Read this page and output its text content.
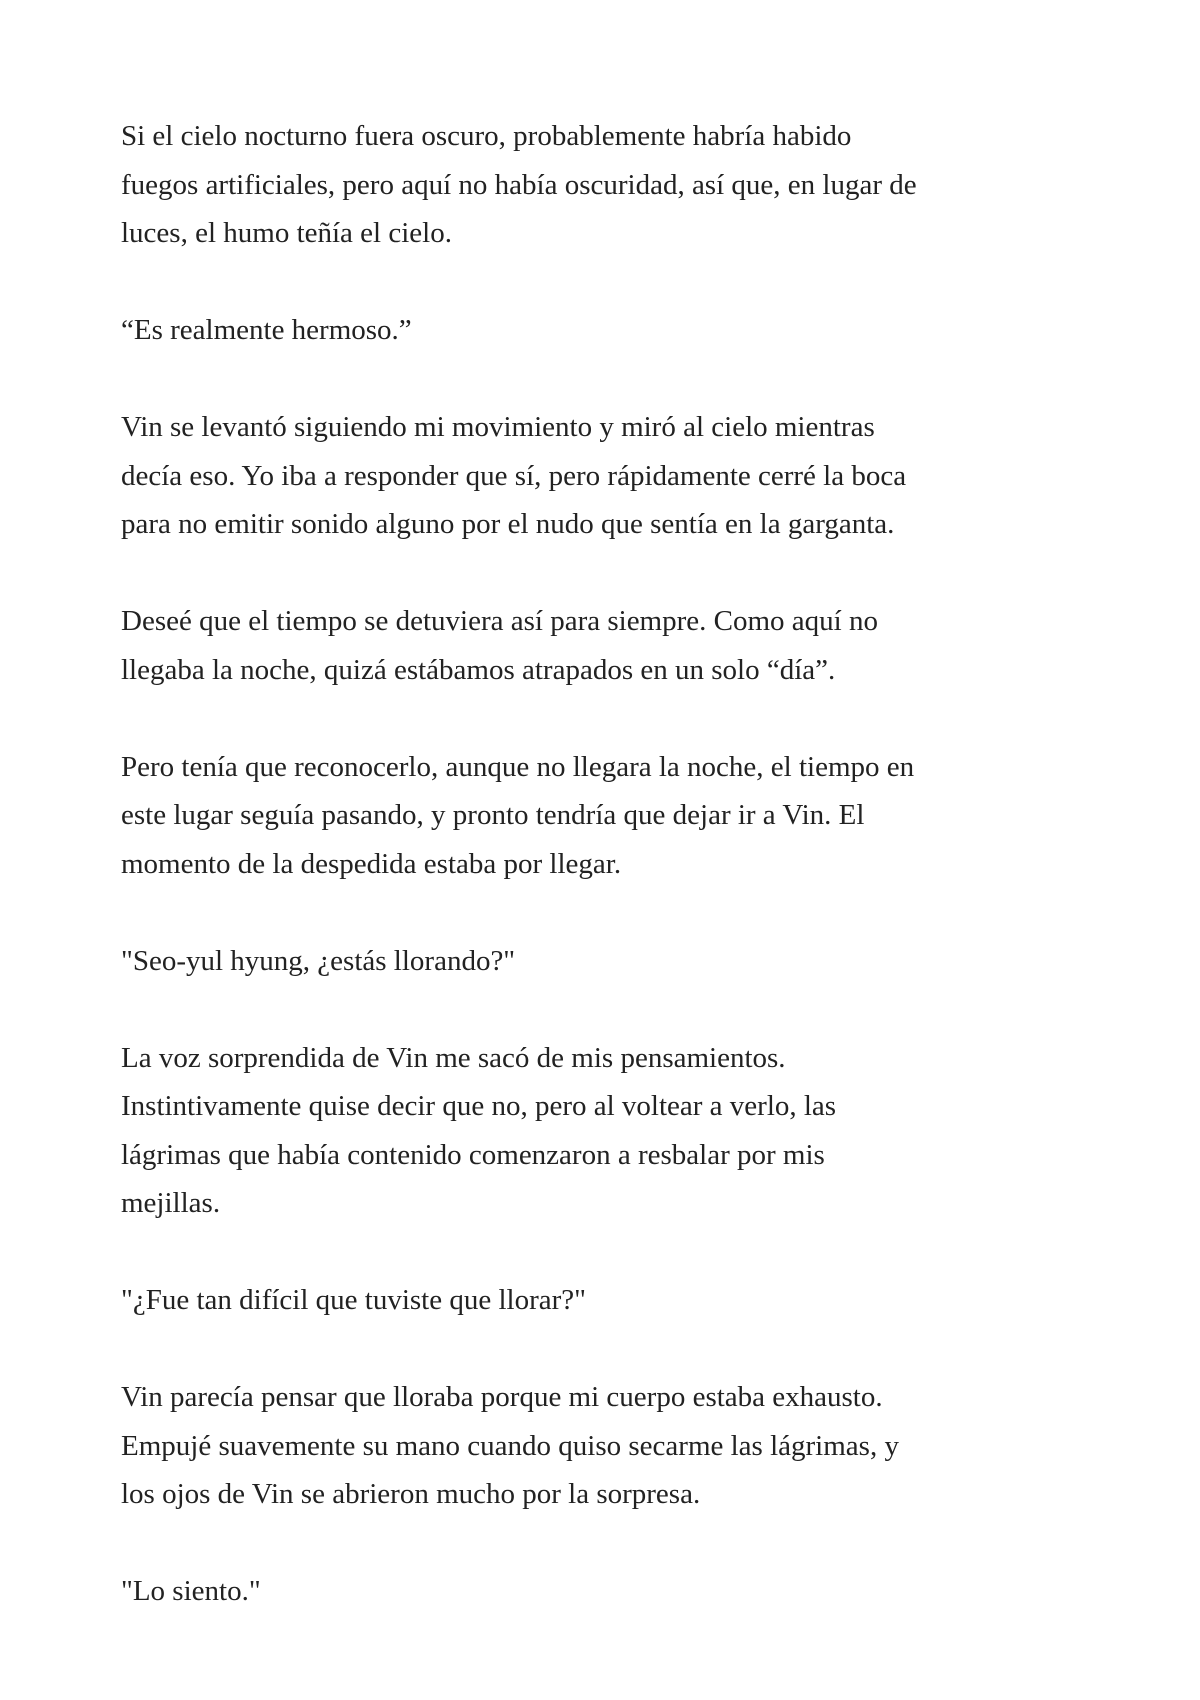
Si el cielo nocturno fuera oscuro, probablemente habría habido
fuegos artificiales, pero aquí no había oscuridad, así que, en lugar de
luces, el humo teñía el cielo.

“Es realmente hermoso.”

Vin se levantó siguiendo mi movimiento y miró al cielo mientras
decía eso. Yo iba a responder que sí, pero rápidamente cerré la boca
para no emitir sonido alguno por el nudo que sentía en la garganta.

Deseé que el tiempo se detuviera así para siempre. Como aquí no
llegaba la noche, quizá estábamos atrapados en un solo “día”.

Pero tenía que reconocerlo, aunque no llegara la noche, el tiempo en
este lugar seguía pasando, y pronto tendría que dejar ir a Vin. El
momento de la despedida estaba por llegar.

"Seo-yul hyung, ¿estás llorando?"

La voz sorprendida de Vin me sacó de mis pensamientos.
Instintivamente quise decir que no, pero al voltear a verlo, las
lágrimas que había contenido comenzaron a resbalar por mis
mejillas.

"¿Fue tan difícil que tuviste que llorar?"

Vin parecía pensar que lloraba porque mi cuerpo estaba exhausto.
Empujé suavemente su mano cuando quiso secarme las lágrimas, y
los ojos de Vin se abrieron mucho por la sorpresa.

"Lo siento."
